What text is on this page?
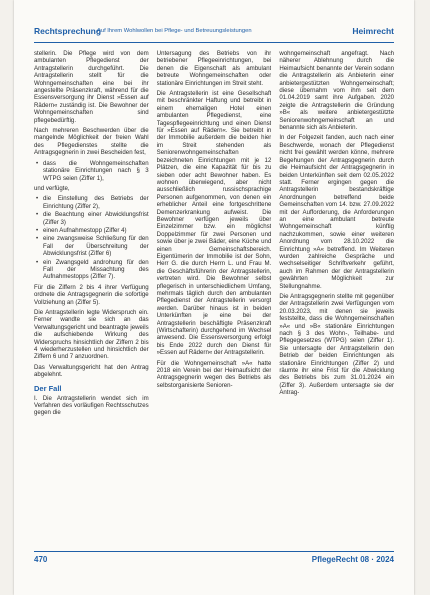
Rechtsprechung
Auf Ihrem Wohlwollen bei Pflege- und Betreuungsleistungen	Heimrecht

stellerin. Die Pflege wird von dem ambulanten Pflegedienst der Antragstellerin durchgeführt. Die Antragstellerin stellt für die Wohngemeinschaften eine bei ihr angestellte Präsenzkraft, während für die Essensversorgung ihr Dienst »Essen auf Rädern« zuständig ist. Die Bewohner der Wohngemeinschaften sind pflegebedürftig.

Nach mehreren Beschwerden über die mangelnde Möglichkeit der freien Wahl des Pflegedienstes stellte die Antragsgegnerin in zwei Bescheiden fest,

• dass die Wohngemeinschaften stationäre Einrichtungen nach § 3 WTPG seien (Ziffer 1),

und verfügte,

• die Einstellung des Betriebs der Einrichtung (Ziffer 2),
• die Beachtung einer Abwicklungsfrist (Ziffer 3)
• einen Aufnahmestopp (Ziffer 4)
• eine zwangsweise Schließung für den Fall der Überschreitung der Abwicklungsfrist (Ziffer 6)
• ein Zwangsgeld androhung für den Fall der Missachtung des Aufnahmestopps (Ziffer 7).

Für die Ziffern 2 bis 4 ihrer Verfügung ordnete die Antragsgegnerin die sofortige Vollziehung an (Ziffer 5).

Die Antragstellerin legte Widerspruch ein. Ferner wandte sie sich an das Verwaltungsgericht und beantragte jeweils die aufschiebende Wirkung des Widerspruchs hinsichtlich der Ziffern 2 bis 4 wiederherzustellen und hinsichtlich der Ziffern 6 und 7 anzuordnen.

Das Verwaltungsgericht hat den Antrag abgelehnt.

Der Fall

I. Die Antragstellerin wendet sich im Verfahren des vorläufigen Rechtsschutzes gegen die

Untersagung des Betriebs von ihr betriebener Pflegeeinrichtungen, bei denen die Eigenschaft als ambulant betreute Wohngemeinschaften oder stationäre Einrichtungen im Streit steht.

Die Antragstellerin ist eine Gesellschaft mit beschränkter Haftung und betreibt in einem ehemaligen Hotel einen ambulanten Pflegedienst, eine Tagespflegeeinrichtung und einen Dienst für »Essen auf Rädern«. Sie betreibt in der Immobilie außerdem die beiden hier im Streit stehenden als Seniorenwohngemeinschaften bezeichneten Einrichtungen mit je 12 Plätzen, die eine Kapazität für bis zu sieben oder acht Bewohner haben. Es wohnen überwiegend, aber nicht ausschließlich russischsprachige Personen aufgenommen, von denen ein erheblicher Anteil eine fortgeschrittene Demenzerkrankung aufweist. Die Bewohner verfügen jeweils über Einzelzimmer bzw. ein möglichst Doppelzimmer für zwei Personen und sowie über je zwei Bäder, eine Küche und einen Gemeinschaftsbereich. Eigentümerin der Immobilie ist der Sohn, Herr G. die durch Herrn L. und Frau M. die Geschäftsführerin der Antragstellerin, vertreten wird. Die Bewohner selbst pflegerisch in unterschiedlichem Umfang, mehrmals täglich durch den ambulanten Pflegedienst der Antragstellerin versorgt werden. Darüber hinaus ist in beiden Unterkünften je eine bei der Antragstellerin beschäftigte Präsenzkraft (Wirtschafterin) durchgehend im Wechsel anwesend. Die Essensversorgung erfolgt bis Ende 2022 durch den Dienst für »Essen auf Rädern« der Antragstellerin.

Für die Wohngemeinschaft »A« hatte 2018 ein Verein bei der Heimaufsicht der Antragsgegnerin wegen des Betriebs als selbstorganisierte Senioren-

wohngemeinschaft angefragt. Nach näherer Ablehnung durch die Heimaufsicht benannte der Verein sodann die Antragstellerin als Anbieterin einer anbietergestützten Wohngemeinschaft; diese übernahm vom ihm seit dem 01.04.2019 samt ihre Aufgaben. 2020 zeigte die Antragstellerin die Gründung »B« als weitere anbietergestützte Seniorenwohngemeinschaft an und benannte sich als Anbieterin.

In der Folgezeit fanden, auch nach einer Beschwerde, wonach der Pflegedienst nicht frei gewählt werden könne, mehrere Begehungen der Antragsgegnerin durch die Heimaufsicht der Antragsgegnerin in beiden Unterkünften seit dem 02.05.2022 statt. Ferner ergingen gegen die Antragstellerin bestandskräftige Anordnungen betreffend beide Gemeinschaften vom 14. bzw. 27.09.2022 mit der Aufforderung, die Anforderungen an eine ambulant betreute Wohngemeinschaft künftig nachzukommen, sowie einer weiteren Anordnung vom 28.10.2022 die Einrichtung »A« betreffend. Im Weiteren wurden zahlreiche Gespräche und wechselseitiger Schriftverkehr geführt, auch im Rahmen der der Antragstellerin gewährten Möglichkeit zur Stellungnahme.

Die Antragsgegnerin stellte mit gegenüber der Antragstellerin zwei Verfügungen vom 20.03.2023, mit denen sie jeweils feststellte, dass die Wohngemeinschaften »A« und »B« stationäre Einrichtungen nach § 3 des Wohn-, Teilhabe- und Pflegegesetzes (WTPG) seien (Ziffer 1). Sie untersagte der Antragstellerin den Betrieb der beiden Einrichtungen als stationäre Einrichtungen (Ziffer 2) und räumte ihr eine Frist für die Abwicklung des Betriebs bis zum 31.01.2024 ein (Ziffer 3). Außerdem untersagte sie der Antrag-

470	PflegeRecht 08 · 2024
